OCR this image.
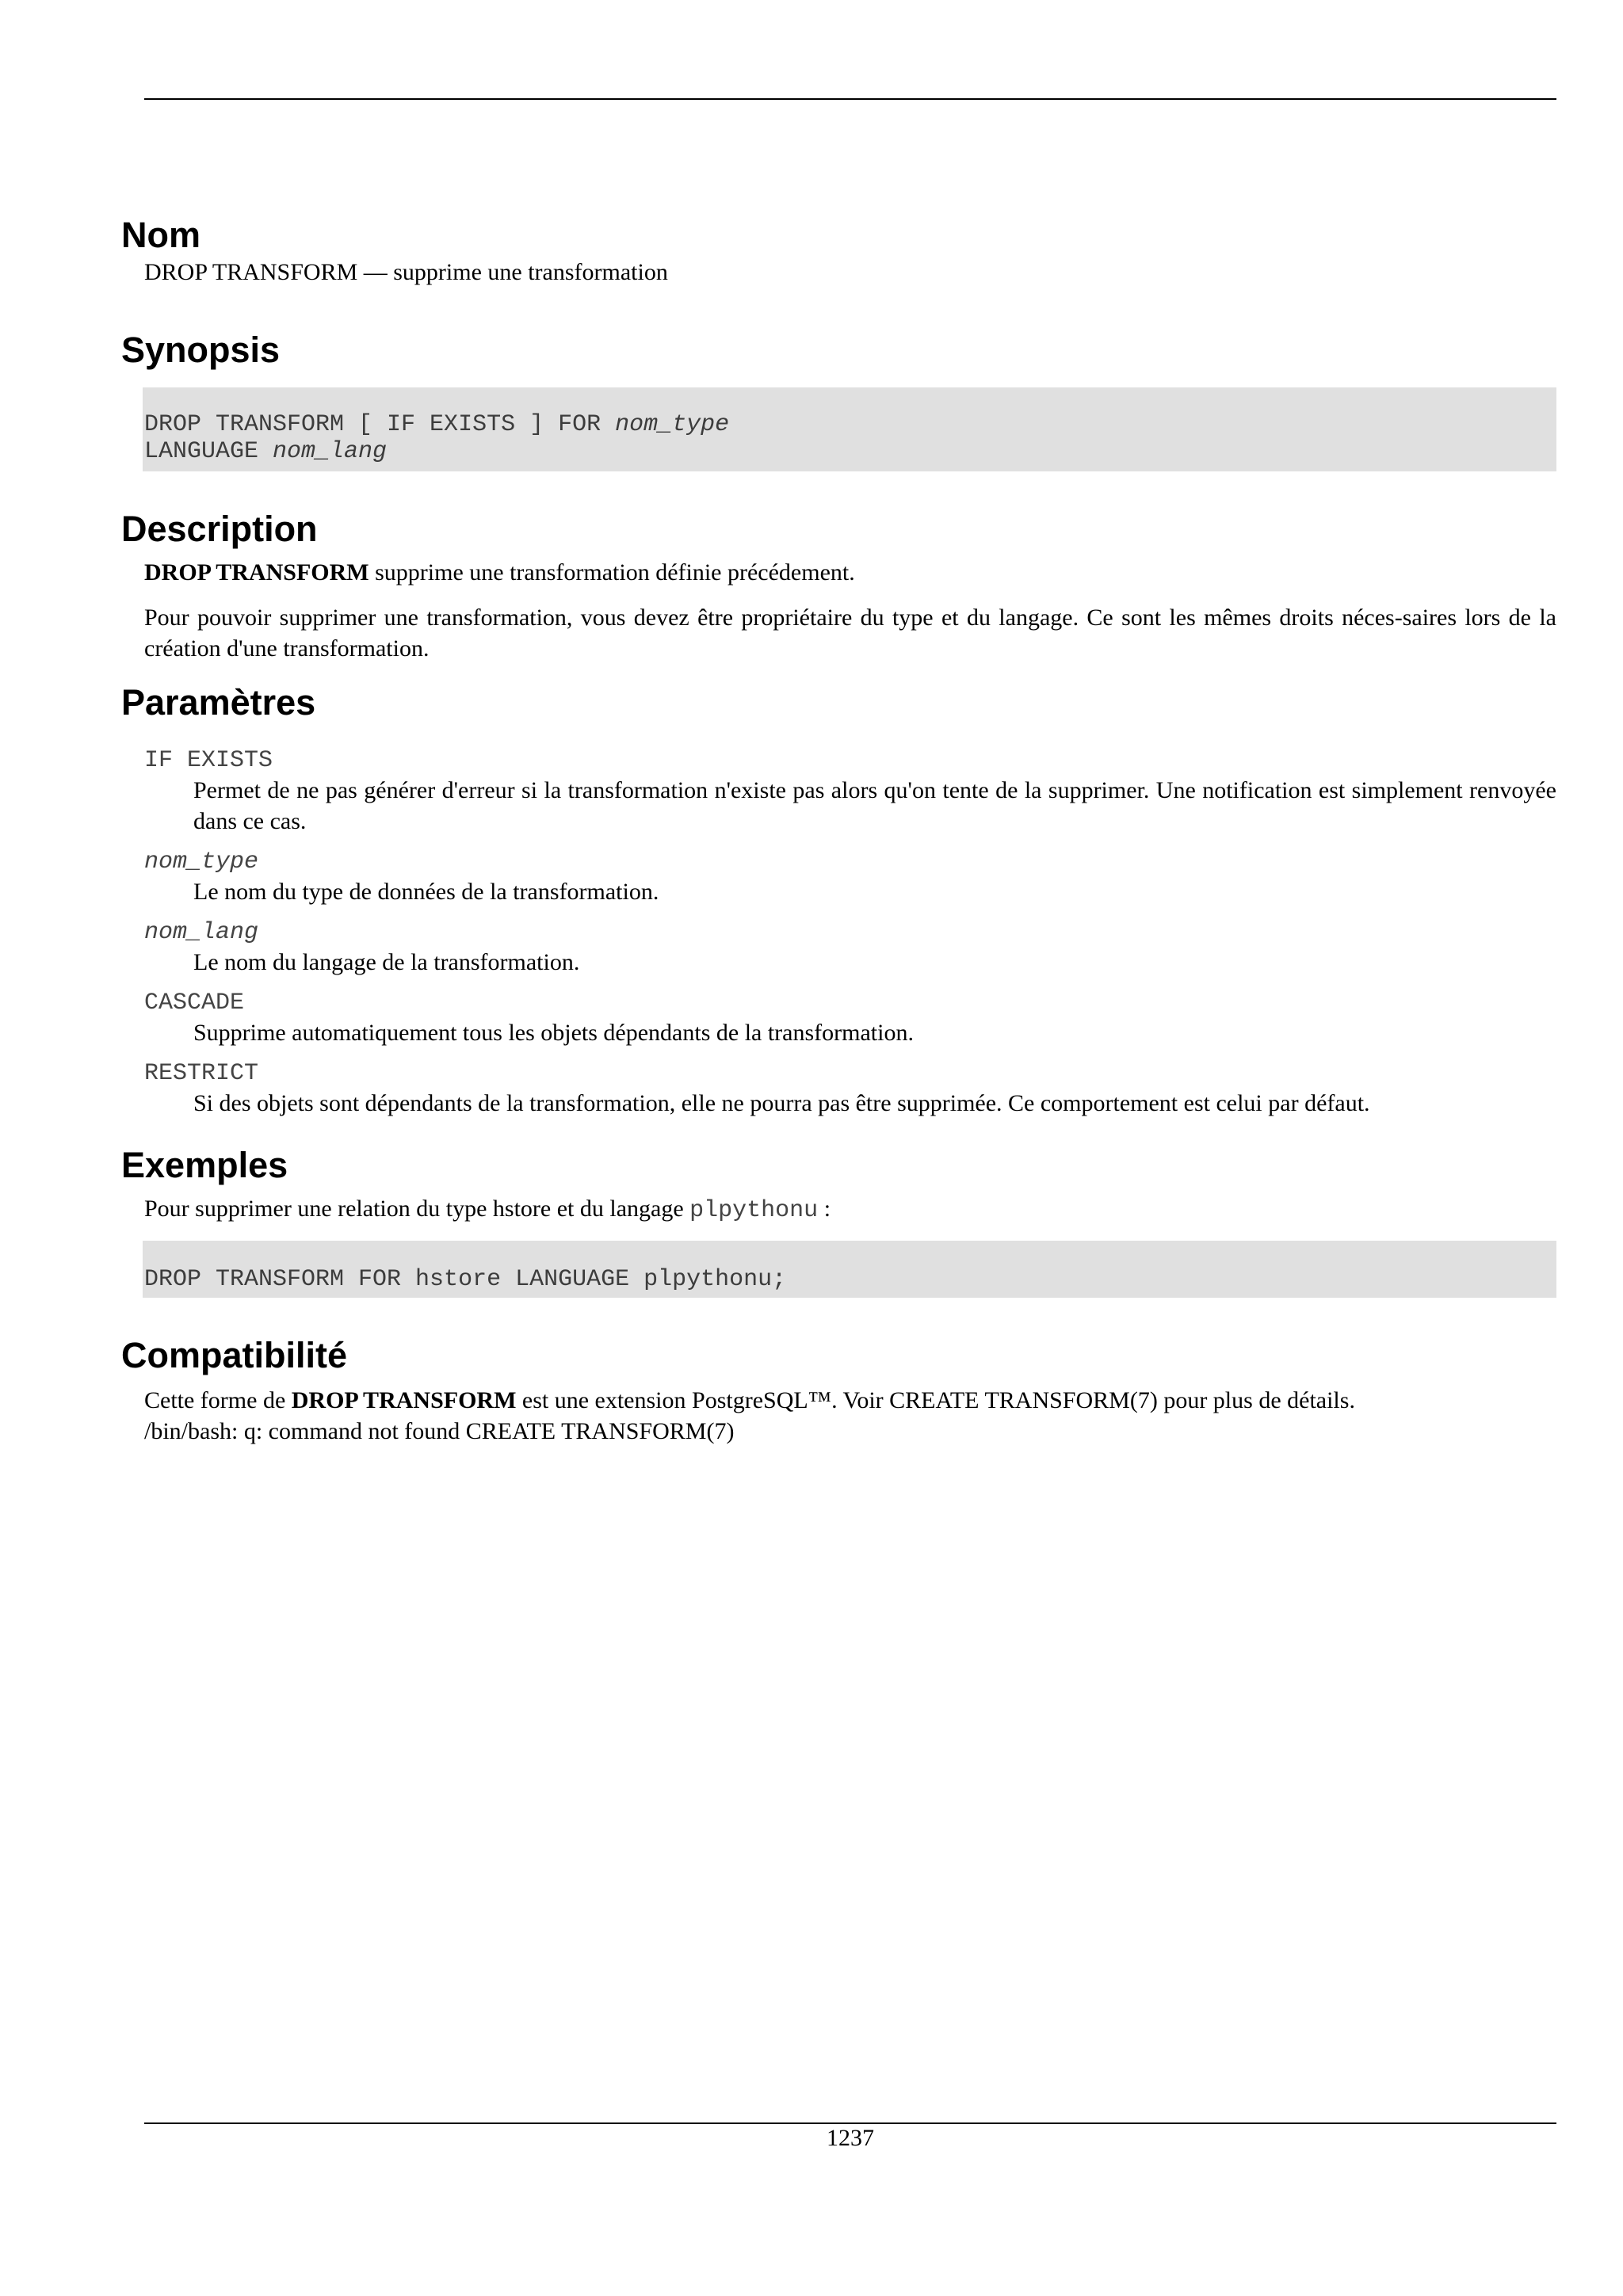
Nom
DROP TRANSFORM — supprime une transformation
Synopsis
DROP TRANSFORM [ IF EXISTS ] FOR nom_type
LANGUAGE nom_lang
Description

DROP TRANSFORM supprime une transformation définie précédement.

Pour pouvoir supprimer une transformation, vous devez être propriétaire du type et du langage. Ce sont les mêmes droits néces-saires lors de la création d'une transformation.

Paramètres
IF EXISTS
Permet de ne pas générer d'erreur si la transformation n'existe pas alors qu'on tente de la supprimer. Une notification est simplement renvoyée dans ce cas.
nom_type
Le nom du type de données de la transformation.
nom_lang
Le nom du langage de la transformation.
CASCADE
Supprime automatiquement tous les objets dépendants de la transformation.
RESTRICT
Si des objets sont dépendants de la transformation, elle ne pourra pas être supprimée. Ce comportement est celui par défaut.
Exemples

Pour supprimer une relation du type hstore et du langage plpythonu :

DROP TRANSFORM FOR hstore LANGUAGE plpythonu;
Compatibilité

Cette forme de DROP TRANSFORM est une extension PostgreSQL™. Voir CREATE TRANSFORM(7) pour plus de détails.

/bin/bash: q: command not found CREATE TRANSFORM(7)

1237
